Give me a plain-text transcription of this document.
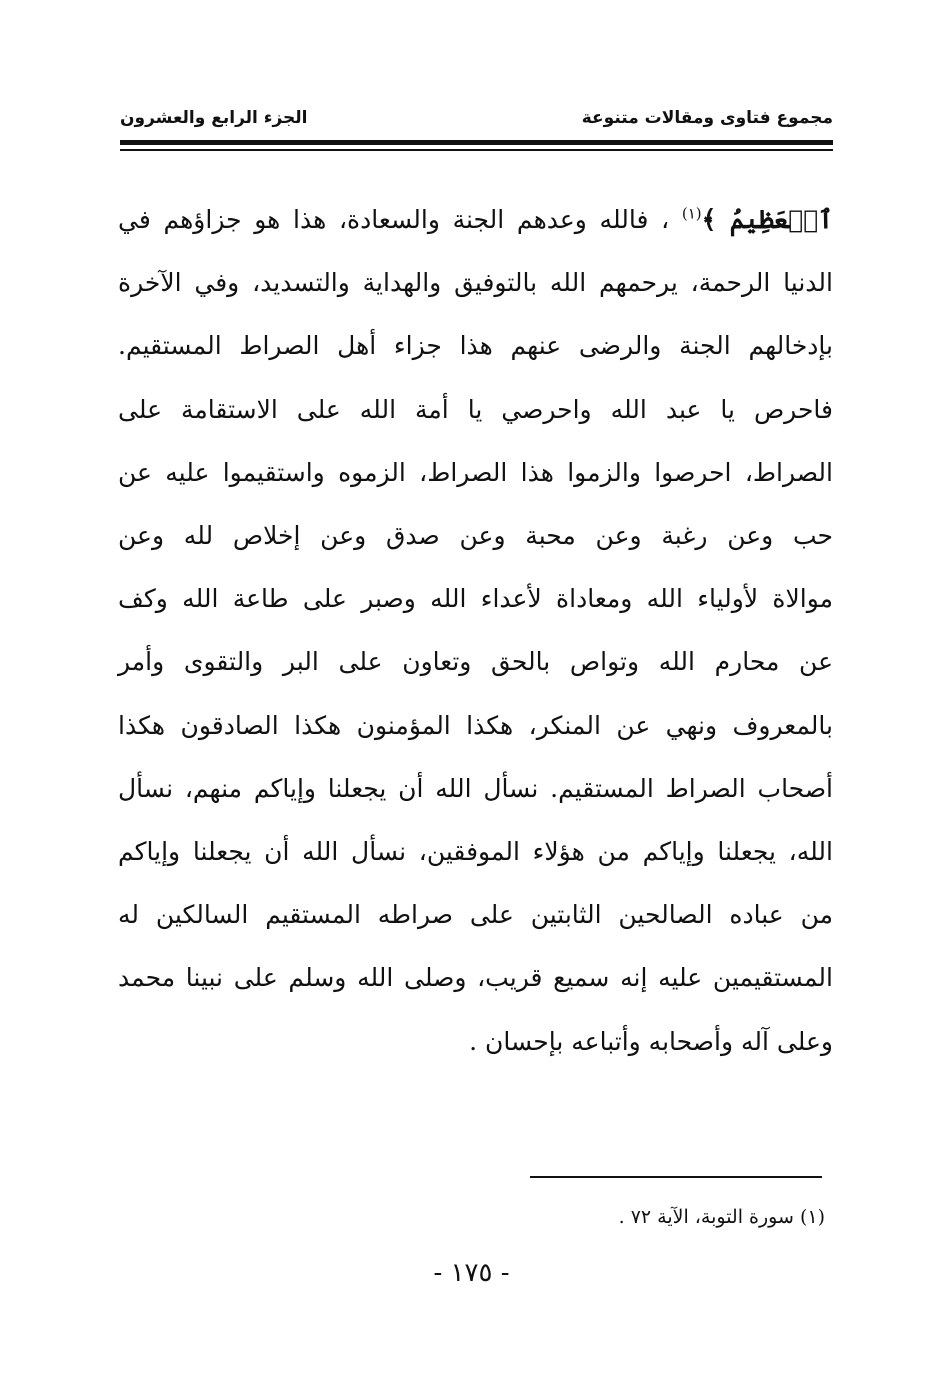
مجموع فتاوى ومقالات متنوعة
الجزء الرابع والعشرون
ٱلۡعَظِيمُ ﴾$^{(١)}$ ، فالله وعدهم الجنة والسعادة، هذا هو جزاؤهم في
الدنيا الرحمة، يرحمهم الله بالتوفيق والهداية والتسديد، وفي الآخرة
بإدخالهم الجنة والرضى عنهم هذا جزاء أهل الصراط المستقيم.
فاحرص يا عبد الله واحرصي يا أمة الله على الاستقامة على
الصراط، احرصوا والزموا هذا الصراط، الزموه واستقيموا عليه عن
حب وعن رغبة وعن محبة وعن صدق وعن إخلاص لله وعن
موالاة لأولياء الله ومعاداة لأعداء الله وصبر على طاعة الله وكف
عن محارم الله وتواص بالحق وتعاون على البر والتقوى وأمر
بالمعروف ونهي عن المنكر، هكذا المؤمنون هكذا الصادقون هكذا
أصحاب الصراط المستقيم. نسأل الله أن يجعلنا وإياكم منهم، نسأل
الله، يجعلنا وإياكم من هؤلاء الموفقين، نسأل الله أن يجعلنا وإياكم
من عباده الصالحين الثابتين على صراطه المستقيم السالكين له
المستقيمين عليه إنه سميع قريب، وصلى الله وسلم على نبينا محمد
وعلى آله وأصحابه وأتباعه بإحسان .
(١) سورة التوبة، الآية ٧٢ .
- ١٧٥ -
